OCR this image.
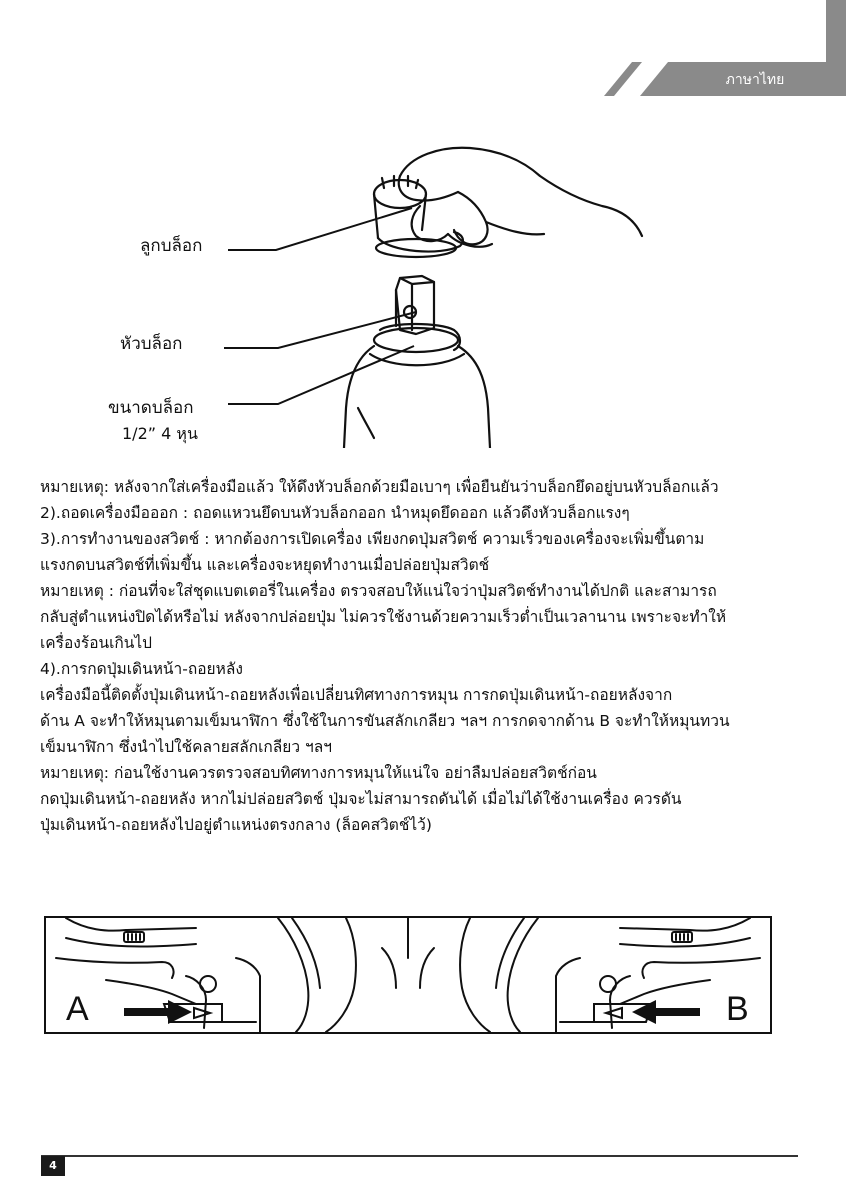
ภาษาไทย
ลูกบล็อก
หัวบล็อก
ขนาดบล็อก
1/2” 4 หุน

หมายเหตุ: หลังจากใส่เครื่องมือแล้ว ให้ดึงหัวบล็อกด้วยมือเบาๆ เพื่อยืนยันว่าบล็อกยึดอยู่บนหัวบล็อกแล้ว

2).ถอดเครื่องมือออก : ถอดแหวนยึดบนหัวบล็อกออก นำหมุดยึดออก แล้วดึงหัวบล็อกแรงๆ

3).การทำงานของสวิตช์ : หากต้องการเปิดเครื่อง เพียงกดปุ่มสวิตช์ ความเร็วของเครื่องจะเพิ่มขึ้นตาม

แรงกดบนสวิตช์ที่เพิ่มขึ้น และเครื่องจะหยุดทำงานเมื่อปล่อยปุ่มสวิตช์

หมายเหตุ : ก่อนที่จะใส่ชุดแบตเตอรี่ในเครื่อง ตรวจสอบให้แน่ใจว่าปุ่มสวิตช์ทำงานได้ปกติ และสามารถ

กลับสู่ตำแหน่งปิดได้หรือไม่ หลังจากปล่อยปุ่ม ไม่ควรใช้งานด้วยความเร็วต่ำเป็นเวลานาน เพราะจะทำให้

เครื่องร้อนเกินไป

4).การกดปุ่มเดินหน้า-ถอยหลัง

เครื่องมือนี้ติดตั้งปุ่มเดินหน้า-ถอยหลังเพื่อเปลี่ยนทิศทางการหมุน การกดปุ่มเดินหน้า-ถอยหลังจาก

ด้าน A จะทำให้หมุนตามเข็มนาฬิกา ซึ่งใช้ในการขันสลักเกลียว ฯลฯ การกดจากด้าน B จะทำให้หมุนทวน

เข็มนาฬิกา ซึ่งนำไปใช้คลายสลักเกลียว ฯลฯ

หมายเหตุ: ก่อนใช้งานควรตรวจสอบทิศทางการหมุนให้แน่ใจ อย่าลืมปล่อยสวิตช์ก่อน

กดปุ่มเดินหน้า-ถอยหลัง หากไม่ปล่อยสวิตช์ ปุ่มจะไม่สามารถดันได้ เมื่อไม่ได้ใช้งานเครื่อง ควรดัน

ปุ่มเดินหน้า-ถอยหลังไปอยู่ตำแหน่งตรงกลาง (ล็อคสวิตช์ไว้)

A	B
4
